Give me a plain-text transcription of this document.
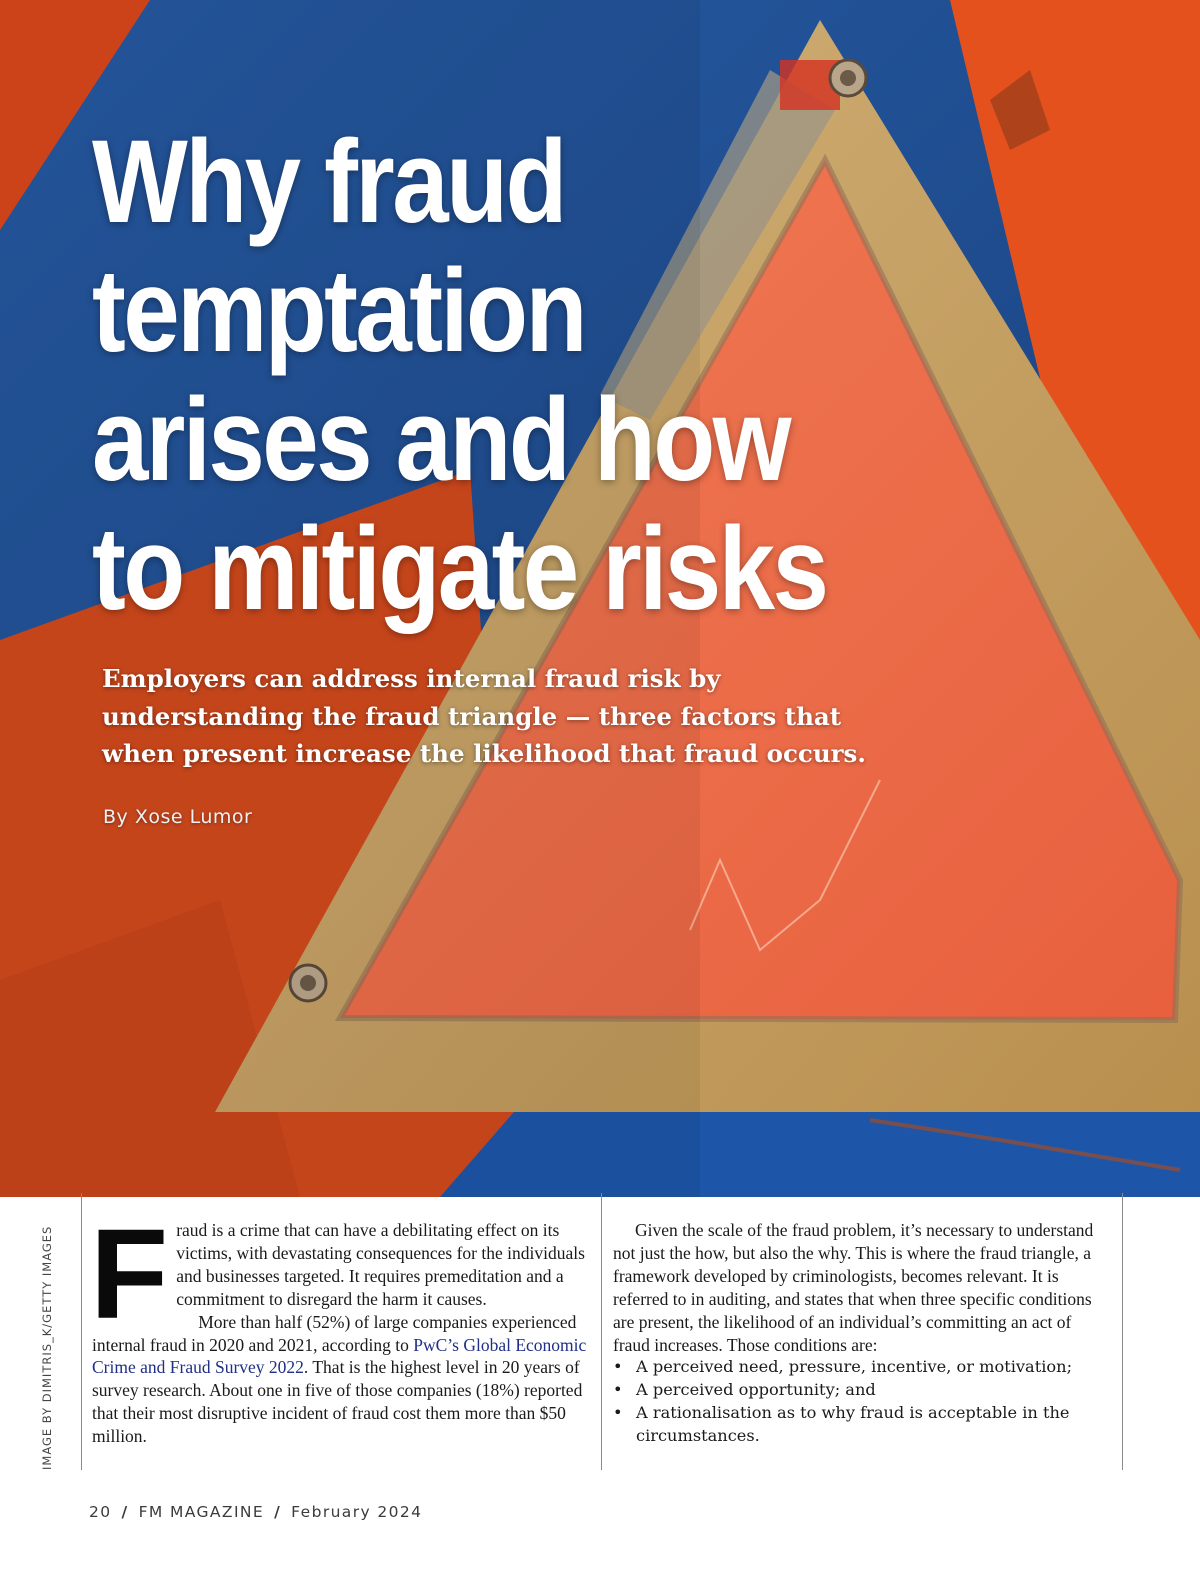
Why fraud
temptation
arises and how
to mitigate risks

Employers can address internal fraud risk by understanding the fraud triangle — three factors that when present increase the likelihood that fraud occurs.

By Xose Lumor

IMAGE BY DIMITRIS_K/GETTY IMAGES Fraud is a crime that can have a debilitating effect on its victims, with devastating consequences for the individuals and businesses targeted. It requires premeditation and a commitment to disregard the harm it causes.

More than half (52%) of large companies experienced internal fraud in 2020 and 2021, according to PwC’s Global Economic Crime and Fraud Survey 2022. That is the highest level in 20 years of survey research. About one in five of those companies (18%) reported that their most disruptive incident of fraud cost them more than $50 million.

Given the scale of the fraud problem, it’s necessary to understand not just the how, but also the why. This is where the fraud triangle, a framework developed by criminologists, becomes relevant. It is referred to in auditing, and states that when three specific conditions are present, the likelihood of an individual’s committing an act of fraud increases. Those conditions are:

• A perceived need, pressure, incentive, or motivation;
• A perceived opportunity; and
• A rationalisation as to why fraud is acceptable in the circumstances.
20 / FM MAGAZINE / February 2024
